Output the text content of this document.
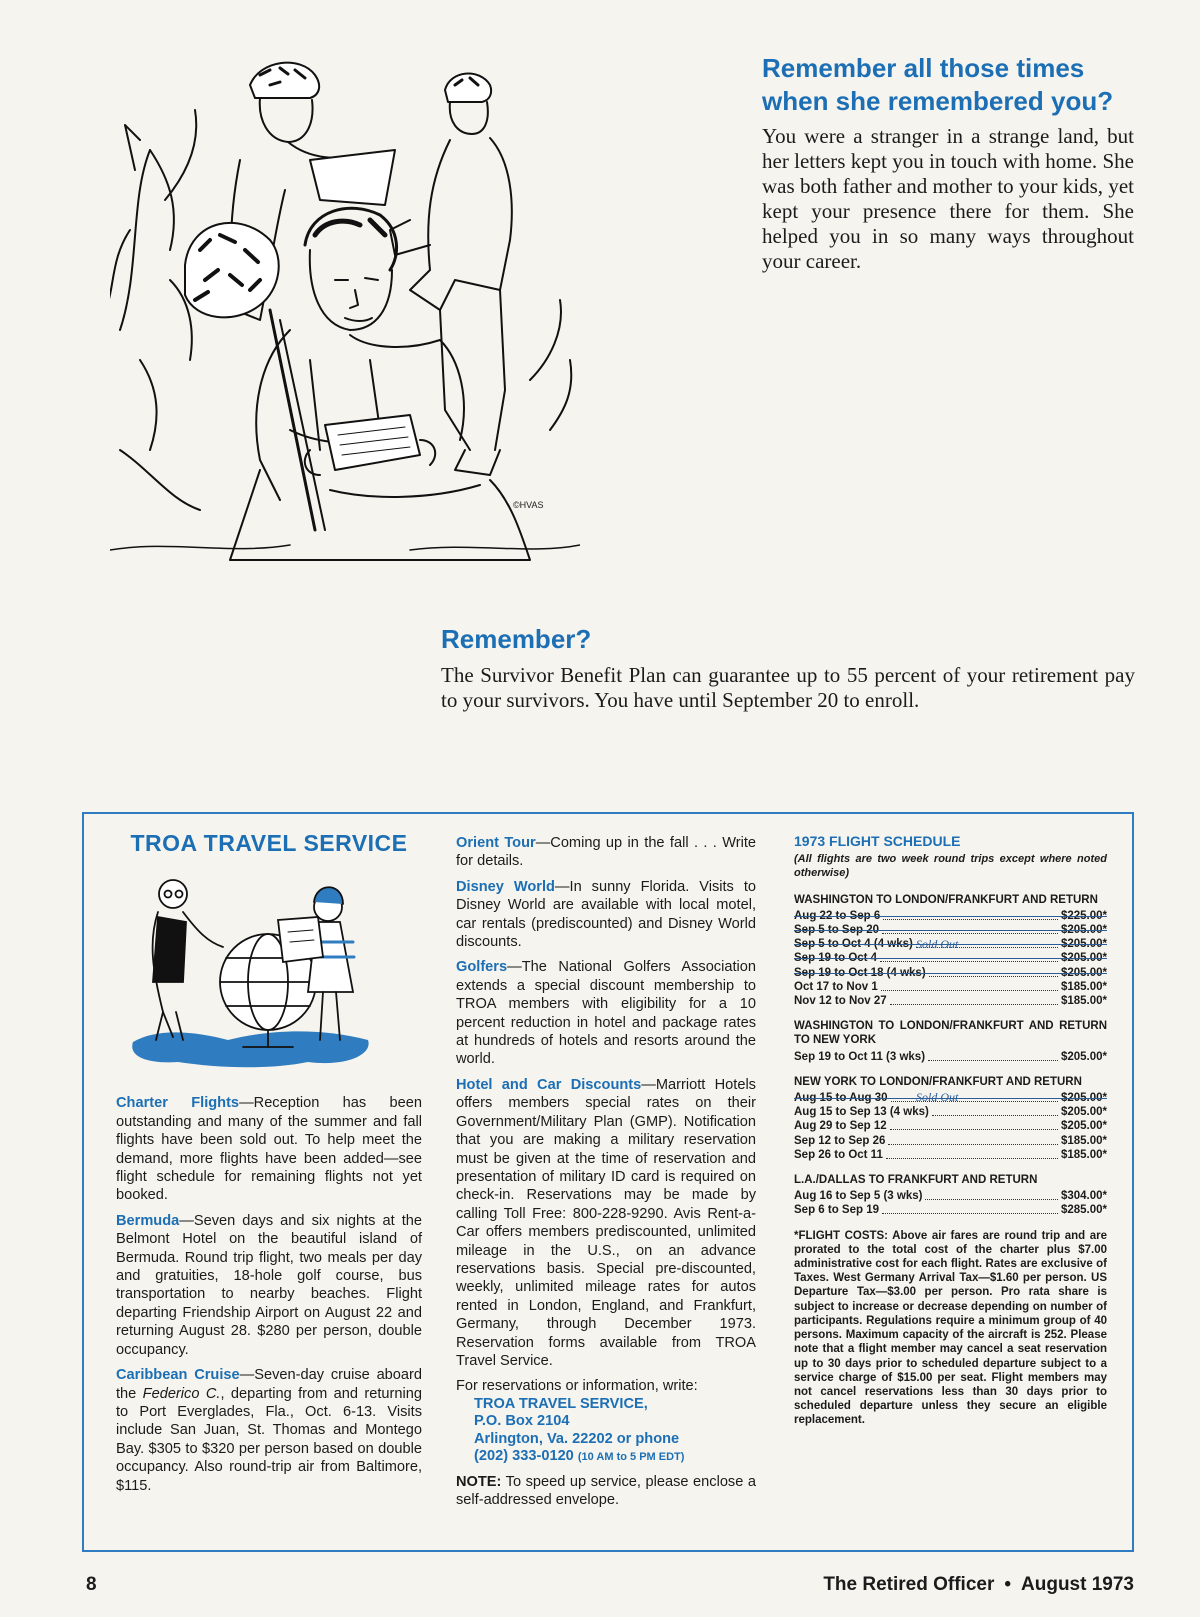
©HVAS
Remember all those times when she remembered you?

You were a stranger in a strange land, but her letters kept you in touch with home. She was both father and mother to your kids, yet kept your presence there for them. She helped you in so many ways throughout your career.

Remember?

The Survivor Benefit Plan can guarantee up to 55 percent of your retirement pay to your survivors. You have until September 20 to enroll.

TROA TRAVEL SERVICE

Charter Flights—Reception has been outstanding and many of the summer and fall flights have been sold out. To help meet the demand, more flights have been added—see flight schedule for remaining flights not yet booked.

Bermuda—Seven days and six nights at the Belmont Hotel on the beautiful island of Bermuda. Round trip flight, two meals per day and gratuities, 18-hole golf course, bus transportation to nearby beaches. Flight departing Friendship Airport on August 22 and returning August 28. $280 per person, double occupancy.

Caribbean Cruise—Seven-day cruise aboard the Federico C., departing from and returning to Port Everglades, Fla., Oct. 6-13. Visits include San Juan, St. Thomas and Montego Bay. $305 to $320 per person based on double occupancy. Also round-trip air from Baltimore, $115.

Orient Tour—Coming up in the fall . . . Write for details.

Disney World—In sunny Florida. Visits to Disney World are available with local motel, car rentals (prediscounted) and Disney World discounts.

Golfers—The National Golfers Association extends a special discount membership to TROA members with eligibility for a 10 percent reduction in hotel and package rates at hundreds of hotels and resorts around the world.

Hotel and Car Discounts—Marriott Hotels offers members special rates on their Government/Military Plan (GMP). Notification that you are making a military reservation must be given at the time of reservation and presentation of military ID card is required on check-in. Reservations may be made by calling Toll Free: 800-228-9290. Avis Rent-a-Car offers members prediscounted, unlimited mileage in the U.S., on an advance reservations basis. Special pre-discounted, weekly, unlimited mileage rates for autos rented in London, England, and Frankfurt, Germany, through December 1973. Reservation forms available from TROA Travel Service.

For reservations or information, write:

TROA TRAVEL SERVICE,
P.O. Box 2104
Arlington, Va. 22202 or phone
(202) 333-0120 (10 AM to 5 PM EDT)

NOTE: To speed up service, please enclose a self-addressed envelope.

1973 FLIGHT SCHEDULE
(All flights are two week round trips except where noted otherwise)
WASHINGTON TO LONDON/FRANKFURT AND RETURN
Aug 22 to Sep 6	$225.00*
Sep 5 to Sep 20	$205.00*
Sep 5 to Oct 4 (4 wks)	$205.00*
Sep 19 to Oct 4	$205.00*
Sep 19 to Oct 18 (4 wks)	$205.00*
Oct 17 to Nov 1	$185.00*
Nov 12 to Nov 27	$185.00*
Sold Out
WASHINGTON TO LONDON/FRANKFURT AND RETURN TO NEW YORK
Sep 19 to Oct 11 (3 wks)	$205.00*
NEW YORK TO LONDON/FRANKFURT AND RETURN
Aug 15 to Aug 30	$205.00*
Aug 15 to Sep 13 (4 wks)	$205.00*
Aug 29 to Sep 12	$205.00*
Sep 12 to Sep 26	$185.00*
Sep 26 to Oct 11	$185.00*
Sold Out
L.A./DALLAS TO FRANKFURT AND RETURN
Aug 16 to Sep 5 (3 wks)	$304.00*
Sep 6 to Sep 19	$285.00*
*FLIGHT COSTS: Above air fares are round trip and are prorated to the total cost of the charter plus $7.00 administrative cost for each flight. Rates are exclusive of Taxes. West Germany Arrival Tax—$1.60 per person. US Departure Tax—$3.00 per person. Pro rata share is subject to increase or decrease depending on number of participants. Regulations require a minimum group of 40 persons. Maximum capacity of the aircraft is 252. Please note that a flight member may cancel a seat reservation up to 30 days prior to scheduled departure subject to a service charge of $15.00 per seat. Flight members may not cancel reservations less than 30 days prior to scheduled departure unless they secure an eligible replacement.
8	The Retired Officer • August 1973
